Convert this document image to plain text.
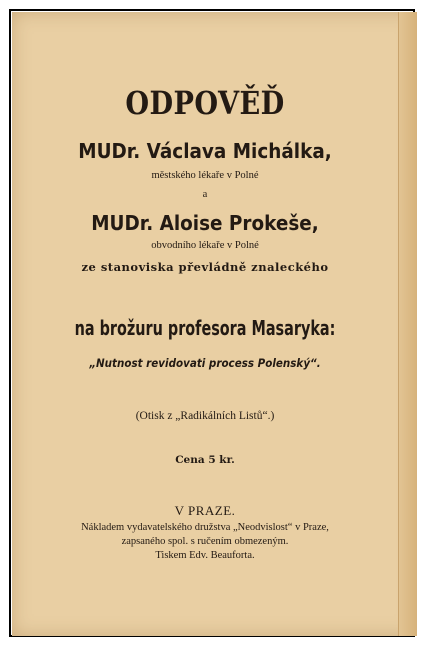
ODPOVĚĎ
MUDr. Václava Michálka,
městského lékaře v Polné
a
MUDr. Aloise Prokeše,
obvodního lékaře v Polné
ze stanoviska převládně znaleckého
na brožuru profesora Masaryka:
„Nutnost revidovati process Polenský“.
(Otisk z „Radikálních Listů“.)
Cena 5 kr.
V PRAZE.
Nákladem vydavatelského družstva „Neodvislost“ v Praze,
zapsaného spol. s ručením obmezeným.
Tiskem Edv. Beauforta.
